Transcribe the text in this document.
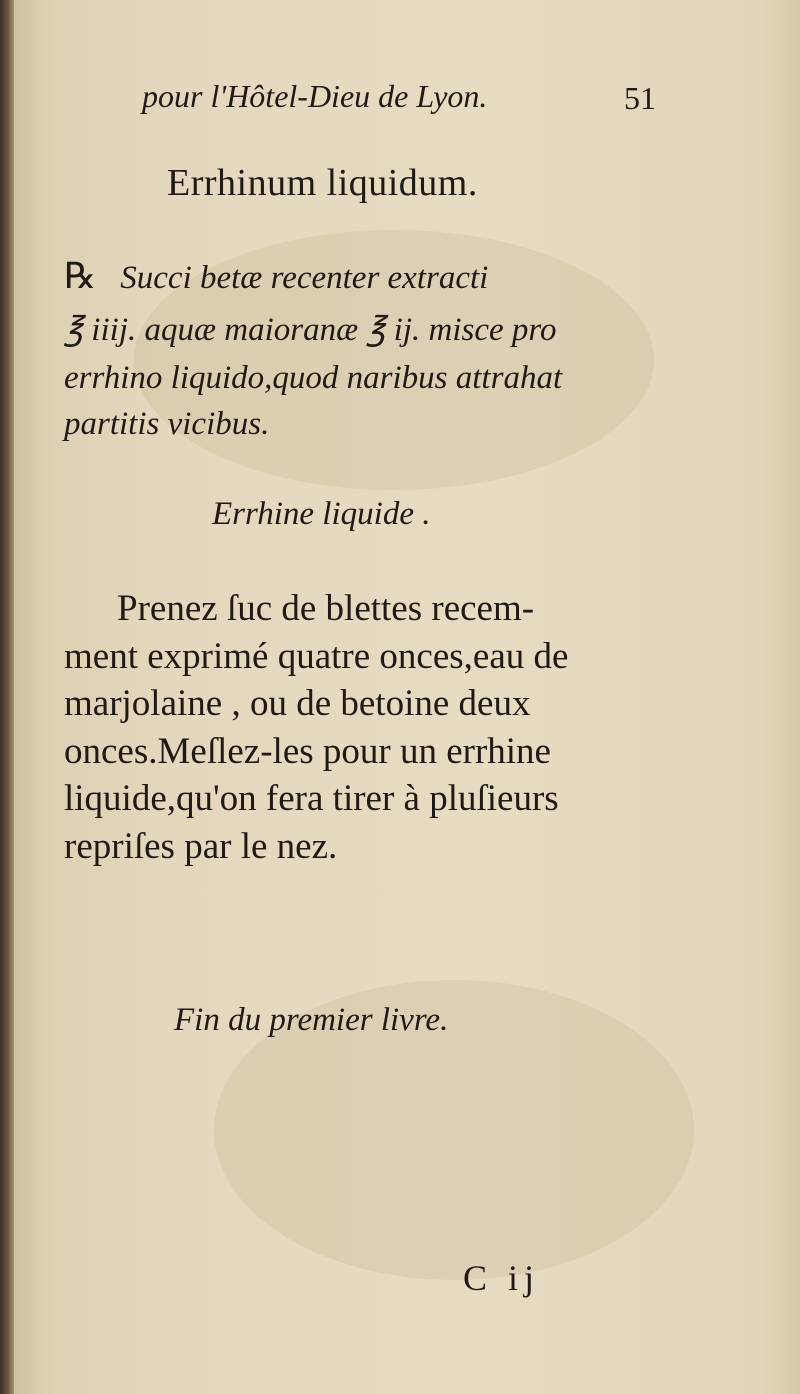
pour l'Hôtel-Dieu de Lyon.	51
Errhinum liquidum.
℞ Succi betæ recenter extracti
℥ iiij. aquæ maioranæ ℥ ij. misce pro
errhino liquido,quod naribus attrahat
partitis vicibus.
Errhine liquide .
Prenez ſuc de blettes recem-
ment exprimé quatre onces,eau de
marjolaine , ou de betoine deux
onces.Meſlez-les pour un errhine
liquide,qu'on fera tirer à pluſieurs
repriſes par le nez.
Fin du premier livre.
C ij
